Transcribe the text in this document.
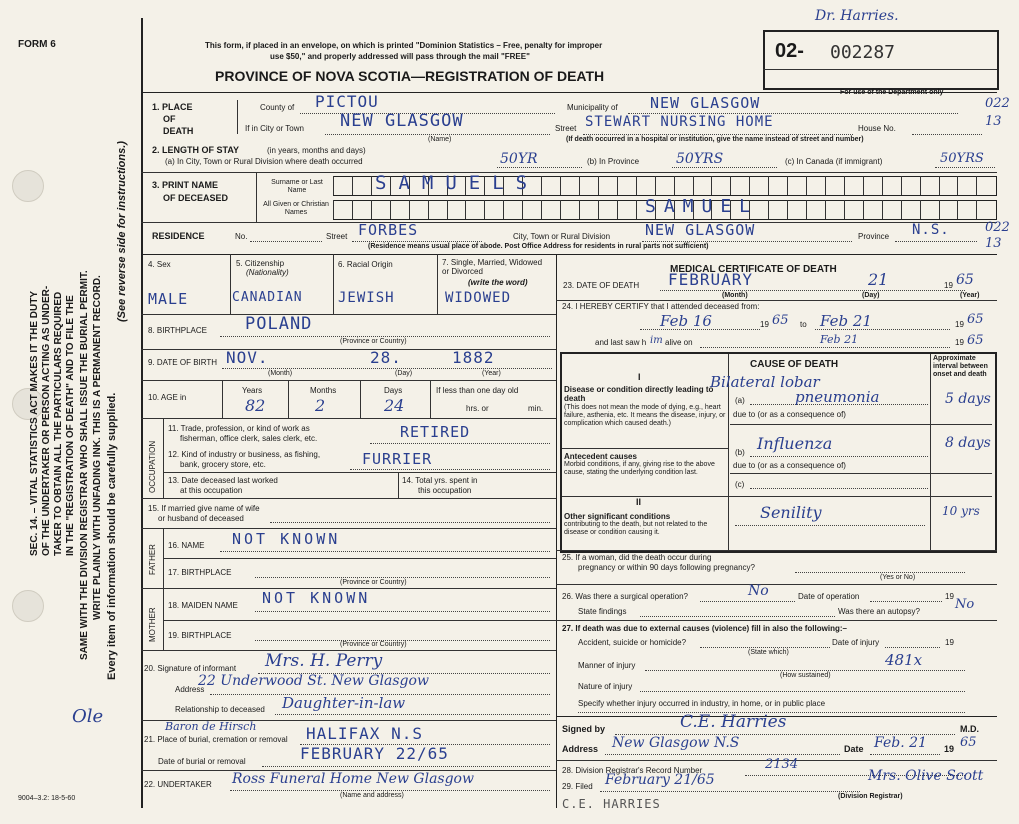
FORM 6
Dr. Harries.
This form, if placed in an envelope, on which is printed "Dominion Statistics – Free, penalty for improper
use $50," and properly addressed will pass through the mail "FREE"
PROVINCE OF NOVA SCOTIA—REGISTRATION OF DEATH
02- 002287
SEC. 14. – VITAL STATISTICS ACT MAKES IT THE DUTY OF THE UNDERTAKER OR PERSON ACTING AS UNDER- TAKER TO OBTAIN ALL THE PARTICULARS REQUIRED IN THE "REGISTRATION OF DEATH" AND TO FILE THE SAME WITH THE DIVISION REGISTRAR WHO SHALL ISSUE THE BURIAL PERMIT. WRITE PLAINLY WITH UNFADING INK. THIS IS A PERMANENT RECORD. Every item of information should be carefully supplied.
(See reverse side for instructions.)
1. PLACE
OF
DEATH
County of PICTOU	Municipality of NEW GLASGOW	022
If in City or Town NEW GLASGOW	Street STEWART NURSING HOME	House No.	13
(Name)	(If death occurred in a hospital or institution, give the name instead of street and number)
2. LENGTH OF STAY	(in years, months and days)
(a) In City, Town or Rural Division where death occurred	50YR	(b) In Province	50YRS	(c) In Canada (if immigrant)	50YRS
3. PRINT NAME
OF DECEASED
Surname or Last Name
All Given or Christian Names
SAMUELS
SAMUEL
RESIDENCE	No.	Street FORBES	City, Town or Rural Division NEW GLASGOW	Province N.S.	022
13
(Residence means usual place of abode. Post Office Address for residents in rural parts not sufficient)
4. Sex	5. Citizenship
(Nationality)
6. Racial Origin	7. Single, Married, Widowed or Divorced
(write the word)
MALE	CANADIAN	JEWISH	WIDOWED
8. BIRTHPLACE POLAND
(Province or Country)
9. DATE OF BIRTH NOV.	28.	1882
(Month)	(Day)	(Year)
10. AGE in
Years	Months	Days
82	2	24
If less than one day old
hrs. or	min.
OCCUPATION
11. Trade, profession, or kind of work as
fisherman, office clerk, sales clerk, etc.	RETIRED
12. Kind of industry or business, as fishing,
bank, grocery store, etc.	FURRIER
13. Date deceased last worked
at this occupation
14. Total yrs. spent in
this occupation
15. If married give name of wife
or husband of deceased
FATHER 16. NAME NOT KNOWN
17. BIRTHPLACE
(Province or Country)
MOTHER
18. MAIDEN NAME NOT KNOWN
19. BIRTHPLACE
(Province or Country)
20. Signature of informant Mrs. H. Perry
Address
22 Underwood St. New Glasgow
Relationship to deceased Daughter-in-law
Ole	Baron de Hirsch
21. Place of burial, cremation or removal HALIFAX N.S
Date of burial or removal	FEBRUARY 22/65
22. UNDERTAKER Ross Funeral Home New Glasgow
(Name and address)
9004–3.2: 18-5-60
MEDICAL CERTIFICATE OF DEATH
23. DATE OF DEATH FEBRUARY	21	19 65
(Month)	(Day)	(Year)
24. I HEREBY CERTIFY that I attended deceased from:
Feb 16	19 65 to Feb 21	19 65
and last saw h im alive on	Feb 21	19 65
CAUSE OF DEATH
Approximate interval between onset and death
I
Disease or condition directly leading to death
(This does not mean the mode of dying, e.g., heart failure, asthenia, etc. It means the disease, injury, or complication which caused death.)
(a)
Bilateral lobar
pneumonia	5 days
due to (or as a consequence of)
Antecedent causes
Morbid conditions, if any, giving rise to the above cause, stating the underlying condition last.
(b) Influenza	8 days
due to (or as a consequence of)
(c)
II
Other significant conditions
contributing to the death, but not related to the disease or condition causing it.
Senility	10 yrs
25. If a woman, did the death occur during
pregnancy or within 90 days following pregnancy?
(Yes or No)
26. Was there a surgical operation?	No	Date of operation	19
State findings	Was there an autopsy?	No
27. If death was due to external causes (violence) fill in also the following:–
Accident, suicide or homicide?	Date of injury	19
(State which)
Manner of injury	481x
(How sustained)
Nature of injury
Specify whether injury occurred in industry, in home, or in public place
Signed by	C.E. Harries	M.D.
Address New Glasgow N.S	Date Feb. 21 19 65
28. Division Registrar's Record Number	2134
29. Filed February 21/65	Mrs. Olive Scott
(Division Registrar)
C.E. HARRIES
